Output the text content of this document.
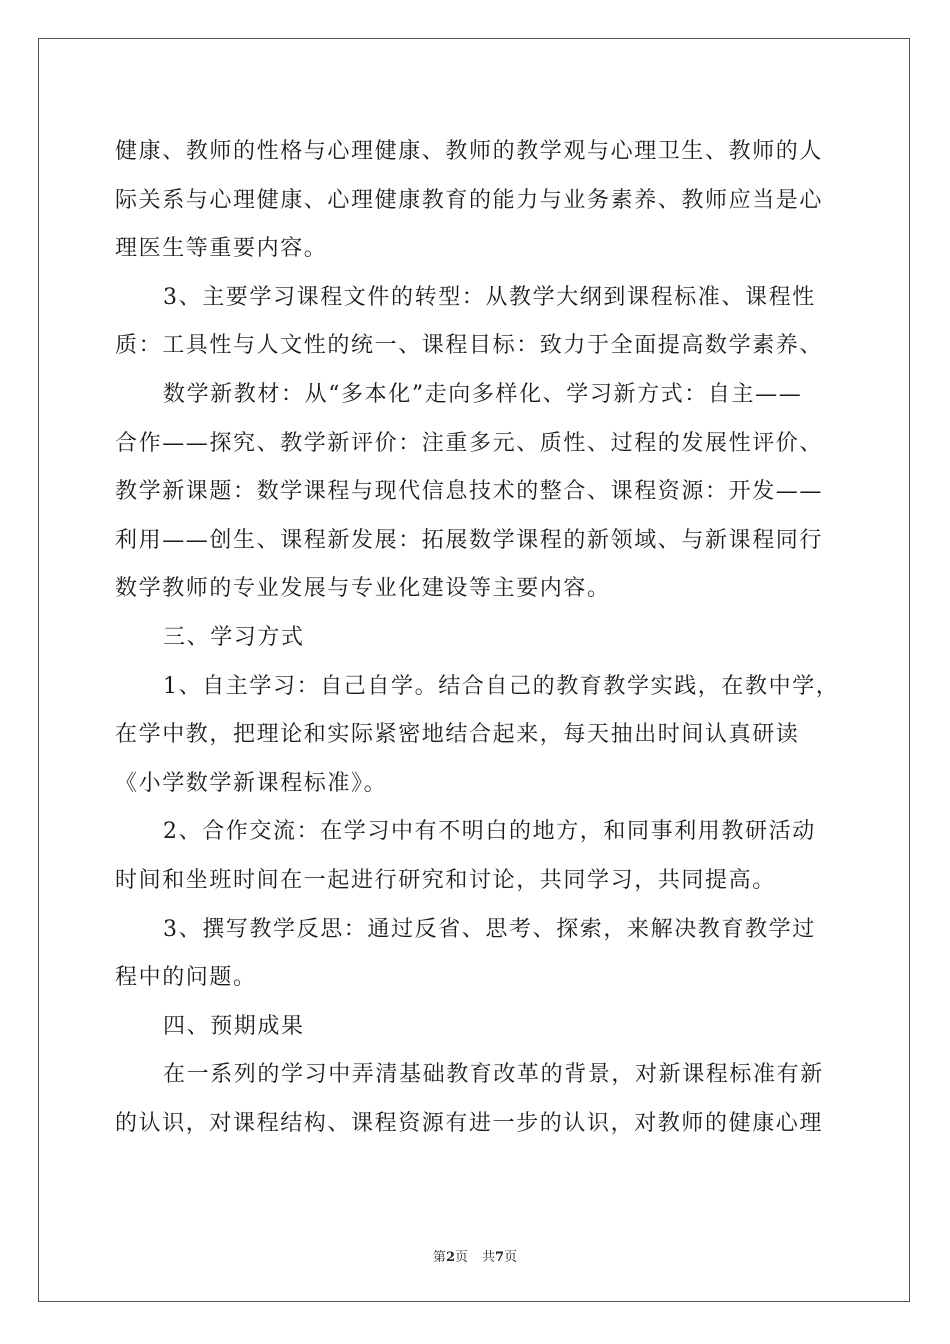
健康、教师的性格与心理健康、教师的教学观与心理卫生、教师的人
际关系与心理健康、心理健康教育的能力与业务素养、教师应当是心
理医生等重要内容。
3、主要学习课程文件的转型：从教学大纲到课程标准、课程性
质：工具性与人文性的统一、课程目标：致力于全面提高数学素养、
数学新教材：从“多本化”走向多样化、学习新方式：自主——
合作——探究、教学新评价：注重多元、质性、过程的发展性评价、
教学新课题：数学课程与现代信息技术的整合、课程资源：开发——
利用——创生、课程新发展：拓展数学课程的新领域、与新课程同行
数学教师的专业发展与专业化建设等主要内容。
三、学习方式
1、自主学习：自己自学。结合自己的教育教学实践，在教中学，
在学中教，把理论和实际紧密地结合起来，每天抽出时间认真研读
《小学数学新课程标准》。
2、合作交流：在学习中有不明白的地方，和同事利用教研活动
时间和坐班时间在一起进行研究和讨论，共同学习，共同提高。
3、撰写教学反思：通过反省、思考、探索，来解决教育教学过
程中的问题。
四、预期成果
在一系列的学习中弄清基础教育改革的背景，对新课程标准有新
的认识，对课程结构、课程资源有进一步的认识，对教师的健康心理
第2页 共7页
